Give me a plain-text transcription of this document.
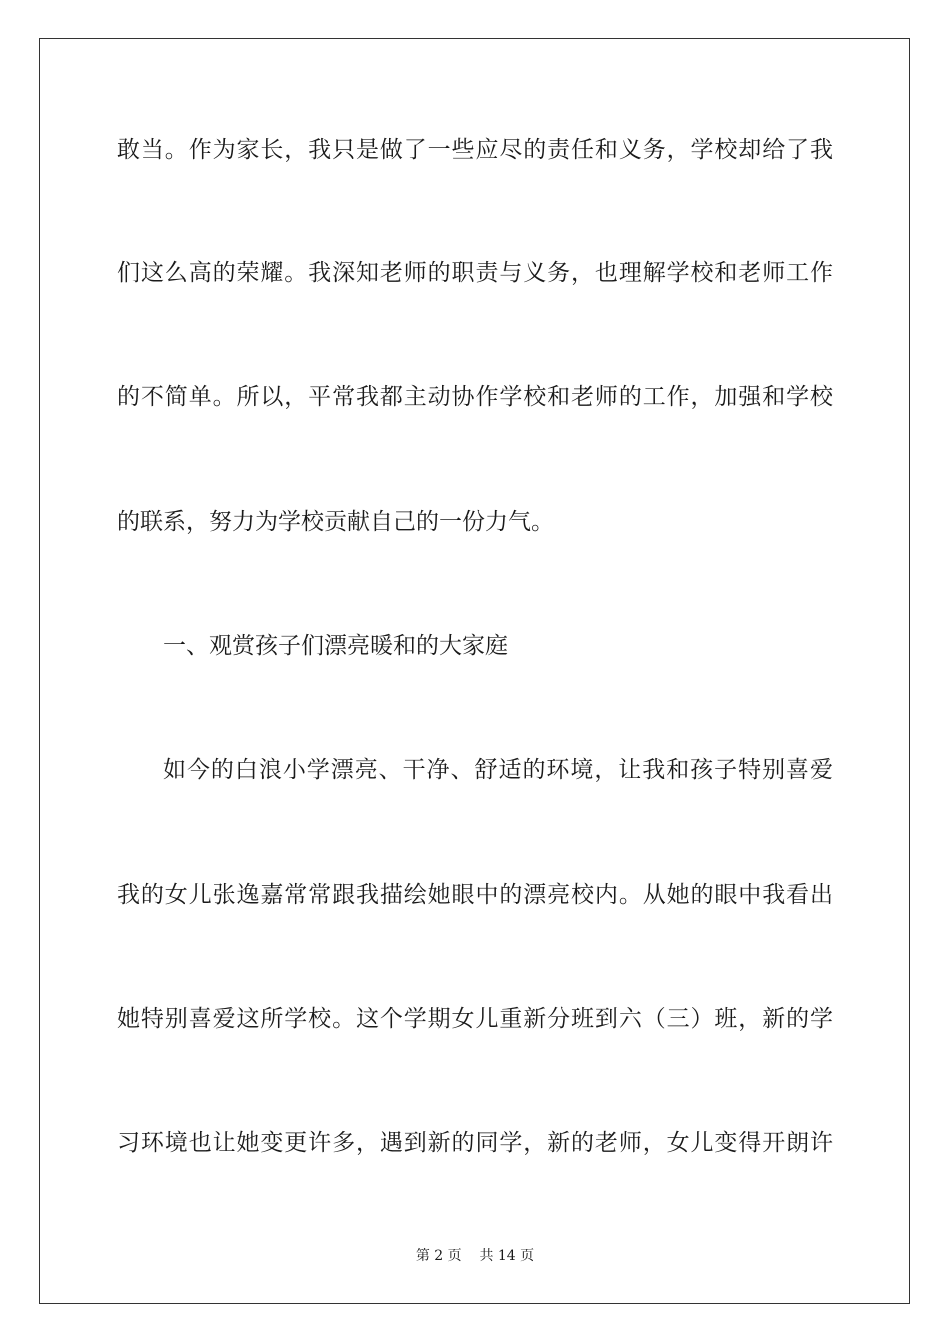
敢当。作为家长，我只是做了一些应尽的责任和义务，学校却给了我
们这么高的荣耀。我深知老师的职责与义务，也理解学校和老师工作
的不简单。所以，平常我都主动协作学校和老师的工作，加强和学校
的联系，努力为学校贡献自己的一份力气。
一、观赏孩子们漂亮暖和的大家庭
如今的白浪小学漂亮、干净、舒适的环境，让我和孩子特别喜爱
我的女儿张逸嘉常常跟我描绘她眼中的漂亮校内。从她的眼中我看出
她特别喜爱这所学校。这个学期女儿重新分班到六（三）班，新的学
习环境也让她变更许多，遇到新的同学，新的老师，女儿变得开朗许
第 2 页 共 14 页
